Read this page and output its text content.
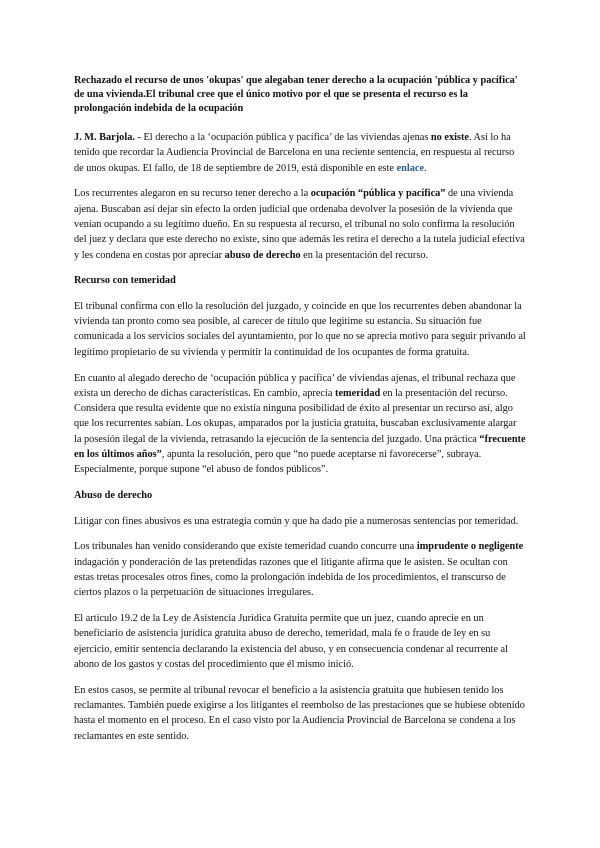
Rechazado el recurso de unos 'okupas' que alegaban tener derecho a la ocupación 'pública y pacífica' de una vivienda.El tribunal cree que el único motivo por el que se presenta el recurso es la prolongación indebida de la ocupación

J. M. Barjola. - El derecho a la ‘ocupación pública y pacífica’ de las viviendas ajenas no existe. Así lo ha tenido que recordar la Audiencia Provincial de Barcelona en una reciente sentencia, en respuesta al recurso de unos okupas. El fallo, de 18 de septiembre de 2019, está disponible en este enlace.

Los recurrentes alegaron en su recurso tener derecho a la ocupación “pública y pacífica” de una vivienda ajena. Buscaban así dejar sin efecto la orden judicial que ordenaba devolver la posesión de la vivienda que venían ocupando a su legítimo dueño. En su respuesta al recurso, el tribunal no solo confirma la resolución del juez y declara que este derecho no existe, sino que además les retira el derecho a la tutela judicial efectiva y les condena en costas por apreciar abuso de derecho en la presentación del recurso.

Recurso con temeridad

El tribunal confirma con ello la resolución del juzgado, y coincide en que los recurrentes deben abandonar la vivienda tan pronto como sea posible, al carecer de título que legitime su estancia. Su situación fue comunicada a los servicios sociales del ayuntamiento, por lo que no se aprecia motivo para seguir privando al legítimo propietario de su vivienda y permitir la continuidad de los ocupantes de forma gratuita.

En cuanto al alegado derecho de ‘ocupación pública y pacífica’ de viviendas ajenas, el tribunal rechaza que exista un derecho de dichas características. En cambio, aprecia temeridad en la presentación del recurso. Considera que resulta evidente que no existía ninguna posibilidad de éxito al presentar un recurso así, algo que los recurrentes sabían. Los okupas, amparados por la justicia gratuita, buscaban exclusivamente alargar la posesión ilegal de la vivienda, retrasando la ejecución de la sentencia del juzgado. Una práctica “frecuente en los últimos años”, apunta la resolución, pero que “no puede aceptarse ni favorecerse”, subraya. Especialmente, porque supone “el abuso de fondos públicos”.

Abuso de derecho

Litigar con fines abusivos es una estrategia común y que ha dado pie a numerosas sentencias por temeridad.

Los tribunales han venido considerando que existe temeridad cuando concurre una imprudente o negligente indagación y ponderación de las pretendidas razones que el litigante afirma que le asisten. Se ocultan con estas tretas procesales otros fines, como la prolongación indebida de los procedimientos, el transcurso de ciertos plazos o la perpetuación de situaciones irregulares.

El artículo 19.2 de la Ley de Asistencia Jurídica Gratuita permite que un juez, cuando aprecie en un beneficiario de asistencia jurídica gratuita abuso de derecho, temeridad, mala fe o fraude de ley en su ejercicio, emitir sentencia declarando la existencia del abuso, y en consecuencia condenar al recurrente al abono de los gastos y costas del procedimiento que él mismo inició.

En estos casos, se permite al tribunal revocar el beneficio a la asistencia gratuita que hubiesen tenido los reclamantes. También puede exigirse a los litigantes el reembolso de las prestaciones que se hubiese obtenido hasta el momento en el proceso. En el caso visto por la Audiencia Provincial de Barcelona se condena a los reclamantes en este sentido.
